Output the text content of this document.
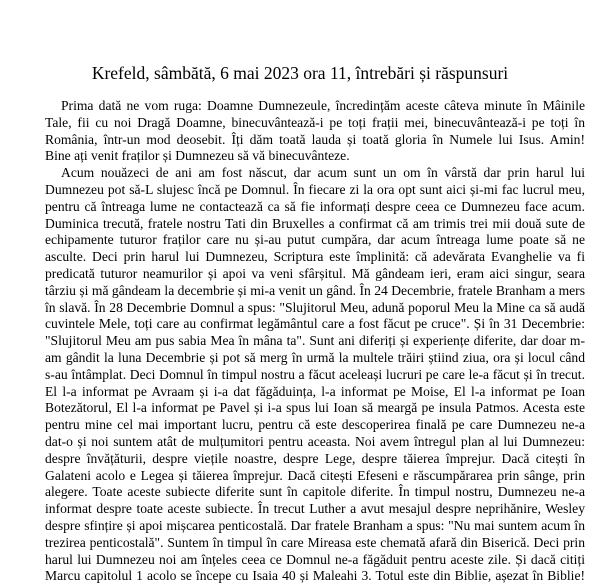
Krefeld, sâmbătă, 6 mai 2023 ora 11, întrebări și răspunsuri
Prima dată ne vom ruga: Doamne Dumnezeule, încredințăm aceste câteva minute în Mâinile
Tale, fii cu noi Dragă Doamne, binecuvântează-i pe toți frații mei, binecuvântează-i pe toți în
România, într-un mod deosebit. Îți dăm toată lauda și toată gloria în Numele lui Isus. Amin!
Bine ați venit fraților și Dumnezeu să vă binecuvânteze.
Acum nouăzeci de ani am fost născut, dar acum sunt un om în vârstă dar prin harul lui
Dumnezeu pot să-L slujesc încă pe Domnul. În fiecare zi la ora opt sunt aici și-mi fac lucrul meu,
pentru că întreaga lume ne contactează ca să fie informați despre ceea ce Dumnezeu face acum.
Duminica trecută, fratele nostru Tati din Bruxelles a confirmat că am trimis trei mii două sute de
echipamente tuturor fraților care nu și-au putut cumpăra, dar acum întreaga lume poate să ne
asculte. Deci prin harul lui Dumnezeu, Scriptura este împlinită: că adevărata Evanghelie va fi
predicată tuturor neamurilor și apoi va veni sfârșitul. Mă gândeam ieri, eram aici singur, seara
târziu și mă gândeam la decembrie și mi-a venit un gând. În 24 Decembrie, fratele Branham a mers
în slavă. În 28 Decembrie Domnul a spus: "Slujitorul Meu, adună poporul Meu la Mine ca să audă
cuvintele Mele, toți care au confirmat legământul care a fost făcut pe cruce". Și în 31 Decembrie:
"Slujitorul Meu am pus sabia Mea în mâna ta". Sunt ani diferiți și experiențe diferite, dar doar m-
am gândit la luna Decembrie și pot să merg în urmă la multele trăiri știind ziua, ora și locul când
s-au întâmplat. Deci Domnul în timpul nostru a făcut aceleași lucruri pe care le-a făcut și în trecut.
El l-a informat pe Avraam și i-a dat făgăduința, l-a informat pe Moise, El l-a informat pe Ioan
Botezătorul, El l-a informat pe Pavel și i-a spus lui Ioan să meargă pe insula Patmos. Acesta este
pentru mine cel mai important lucru, pentru că este descoperirea finală pe care Dumnezeu ne-a
dat-o și noi suntem atât de mulțumitori pentru aceasta. Noi avem întregul plan al lui Dumnezeu:
despre învățăturii, despre viețile noastre, despre Lege, despre tăierea împrejur. Dacă citești în
Galateni acolo e Legea și tăierea împrejur. Dacă citești Efeseni e răscumpărarea prin sânge, prin
alegere. Toate aceste subiecte diferite sunt în capitole diferite. În timpul nostru, Dumnezeu ne-a
informat despre toate aceste subiecte. În trecut Luther a avut mesajul despre neprihănire, Wesley
despre sfințire și apoi mișcarea penticostală. Dar fratele Branham a spus: "Nu mai suntem acum în
trezirea penticostală". Suntem în timpul în care Mireasa este chemată afară din Biserică. Deci prin
harul lui Dumnezeu noi am înțeles ceea ce Domnul ne-a făgăduit pentru aceste zile. Și dacă citiți
Marcu capitolul 1 acolo se începe cu Isaia 40 și Maleahi 3. Totul este din Biblie, așezat în Biblie!
